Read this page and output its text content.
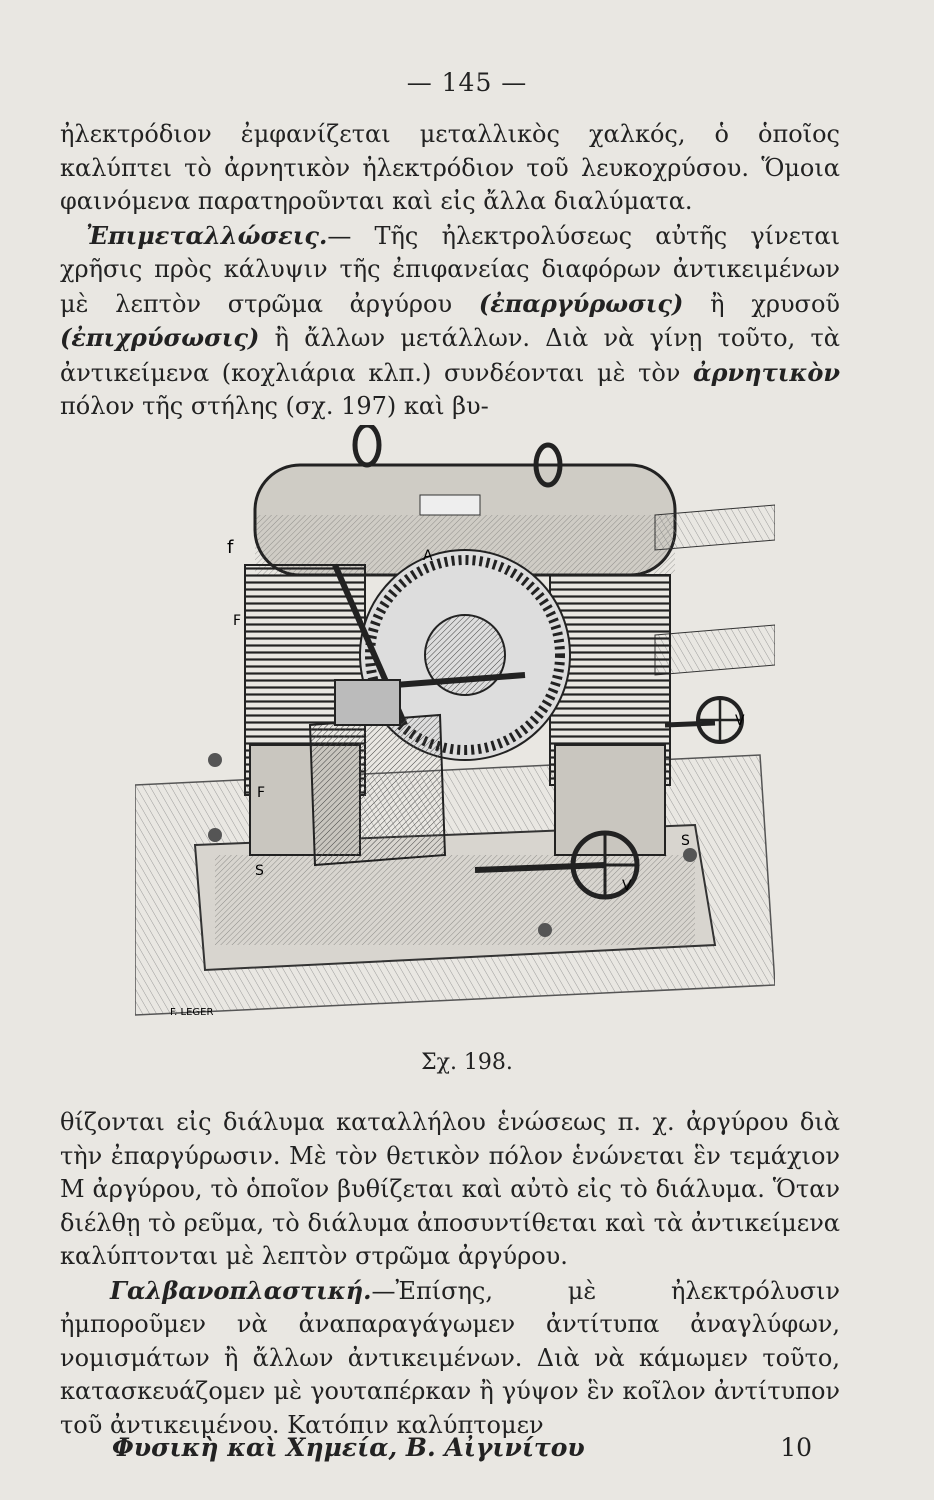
— 145 —

ἠλεκτρόδιον ἐμφανίζεται μεταλλικὸς χαλκός, ὁ ὁποῖος καλύπτει τὸ ἀρνητικὸν ἠλεκτρόδιον τοῦ λευκοχρύσου. Ὅμοια φαινόμενα παρατηροῦνται καὶ εἰς ἄλλα διαλύματα.

Ἐπιμεταλλώσεις.— Τῆς ἠλεκτρολύσεως αὐτῆς γίνεται χρῆσις πρὸς κάλυψιν τῆς ἐπιφανείας διαφόρων ἀντικειμένων μὲ λεπτὸν στρῶμα ἀργύρου (ἐπαργύρωσις) ἢ χρυσοῦ (ἐπιχρύσωσις) ἢ ἄλλων μετάλλων. Διὰ νὰ γίνῃ τοῦτο, τὰ ἀντικείμενα (κοχλιάρια κλπ.) συνδέονται μὲ τὸν ἀρνητικὸν πόλον τῆς στήλης (σχ. 197) καὶ βυ-

f
F
A
F
S
S
V
V
F. LEGER
Σχ. 198.

θίζονται εἰς διάλυμα καταλλήλου ἑνώσεως π. χ. ἀργύρου διὰ τὴν ἐπαργύρωσιν. Μὲ τὸν θετικὸν πόλον ἑνώνεται ἓν τεμάχιον Μ ἀργύρου, τὸ ὁποῖον βυθίζεται καὶ αὐτὸ εἰς τὸ διάλυμα. Ὅταν διέλθῃ τὸ ρεῦμα, τὸ διάλυμα ἀποσυντίθεται καὶ τὰ ἀντικείμενα καλύπτονται μὲ λεπτὸν στρῶμα ἀργύρου.

Γαλβανοπλαστική.—Ἐπίσης, μὲ ἠλεκτρόλυσιν ἠμποροῦμεν νὰ ἀναπαραγάγωμεν ἀντίτυπα ἀναγλύφων, νομισμάτων ἢ ἄλλων ἀντικειμένων. Διὰ νὰ κάμωμεν τοῦτο, κατασκευάζομεν μὲ γουταπέρκαν ἢ γύψον ἓν κοῖλον ἀντίτυπον τοῦ ἀντικειμένου. Κατόπιν καλύπτομεν

Φυσικὴ καὶ Χημεία, Β. Αἰγινίτου	10
